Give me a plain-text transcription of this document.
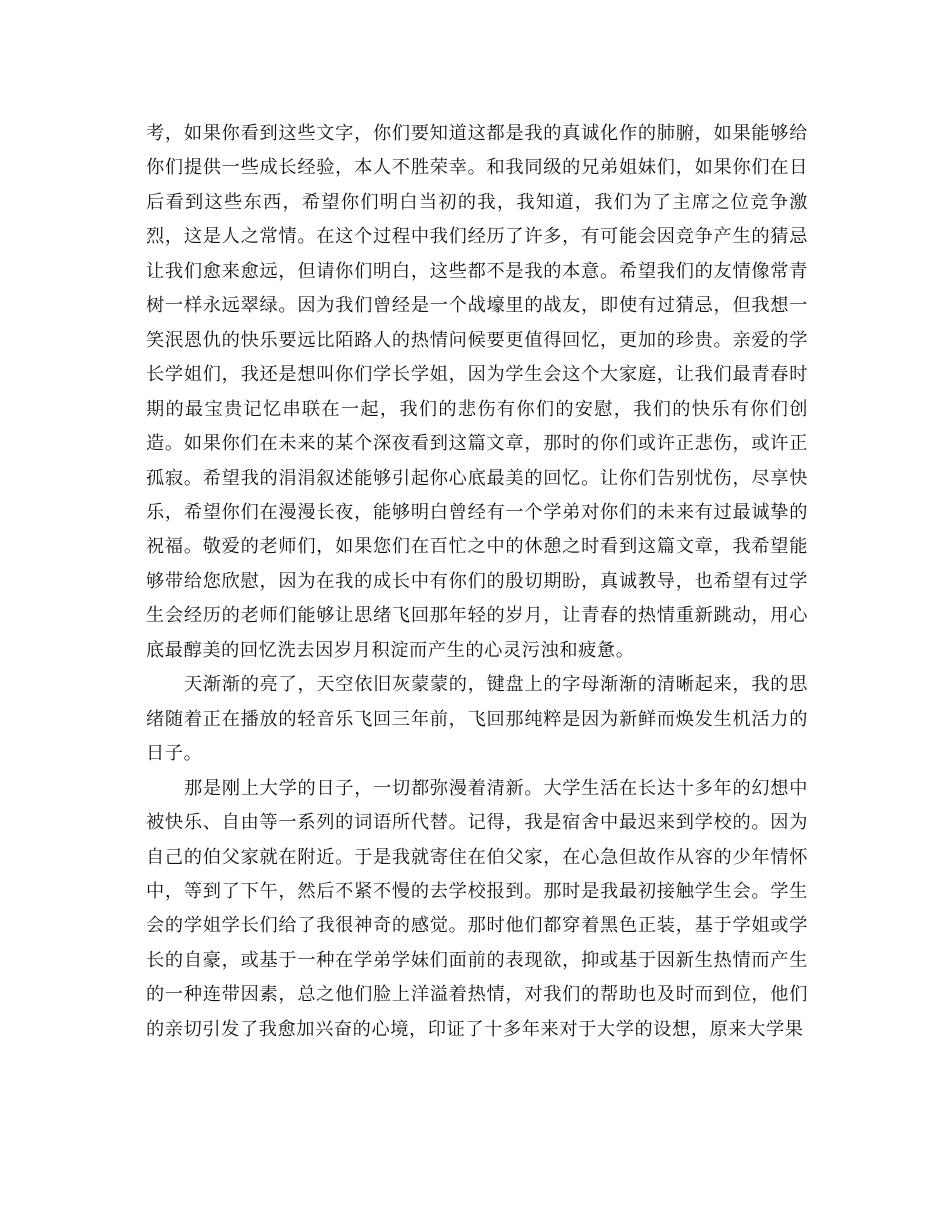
考，如果你看到这些文字，你们要知道这都是我的真诚化作的肺腑，如果能够给你们提供一些成长经验，本人不胜荣幸。和我同级的兄弟姐妹们，如果你们在日后看到这些东西，希望你们明白当初的我，我知道，我们为了主席之位竞争激烈，这是人之常情。在这个过程中我们经历了许多，有可能会因竞争产生的猜忌让我们愈来愈远，但请你们明白，这些都不是我的本意。希望我们的友情像常青树一样永远翠绿。因为我们曾经是一个战壕里的战友，即使有过猜忌，但我想一笑泯恩仇的快乐要远比陌路人的热情问候要更值得回忆，更加的珍贵。亲爱的学长学姐们，我还是想叫你们学长学姐，因为学生会这个大家庭，让我们最青春时期的最宝贵记忆串联在一起，我们的悲伤有你们的安慰，我们的快乐有你们创造。如果你们在未来的某个深夜看到这篇文章，那时的你们或许正悲伤，或许正孤寂。希望我的涓涓叙述能够引起你心底最美的回忆。让你们告别忧伤，尽享快乐，希望你们在漫漫长夜，能够明白曾经有一个学弟对你们的未来有过最诚挚的祝福。敬爱的老师们，如果您们在百忙之中的休憩之时看到这篇文章，我希望能够带给您欣慰，因为在我的成长中有你们的殷切期盼，真诚教导，也希望有过学生会经历的老师们能够让思绪飞回那年轻的岁月，让青春的热情重新跳动，用心底最醇美的回忆洗去因岁月积淀而产生的心灵污浊和疲惫。

天渐渐的亮了，天空依旧灰蒙蒙的，键盘上的字母渐渐的清晰起来，我的思绪随着正在播放的轻音乐飞回三年前，飞回那纯粹是因为新鲜而焕发生机活力的日子。

那是刚上大学的日子，一切都弥漫着清新。大学生活在长达十多年的幻想中被快乐、自由等一系列的词语所代替。记得，我是宿舍中最迟来到学校的。因为自己的伯父家就在附近。于是我就寄住在伯父家，在心急但故作从容的少年情怀中，等到了下午，然后不紧不慢的去学校报到。那时是我最初接触学生会。学生会的学姐学长们给了我很神奇的感觉。那时他们都穿着黑色正装，基于学姐或学长的自豪，或基于一种在学弟学妹们面前的表现欲，抑或基于因新生热情而产生的一种连带因素，总之他们脸上洋溢着热情，对我们的帮助也及时而到位，他们的亲切引发了我愈加兴奋的心境，印证了十多年来对于大学的设想，原来大学果
